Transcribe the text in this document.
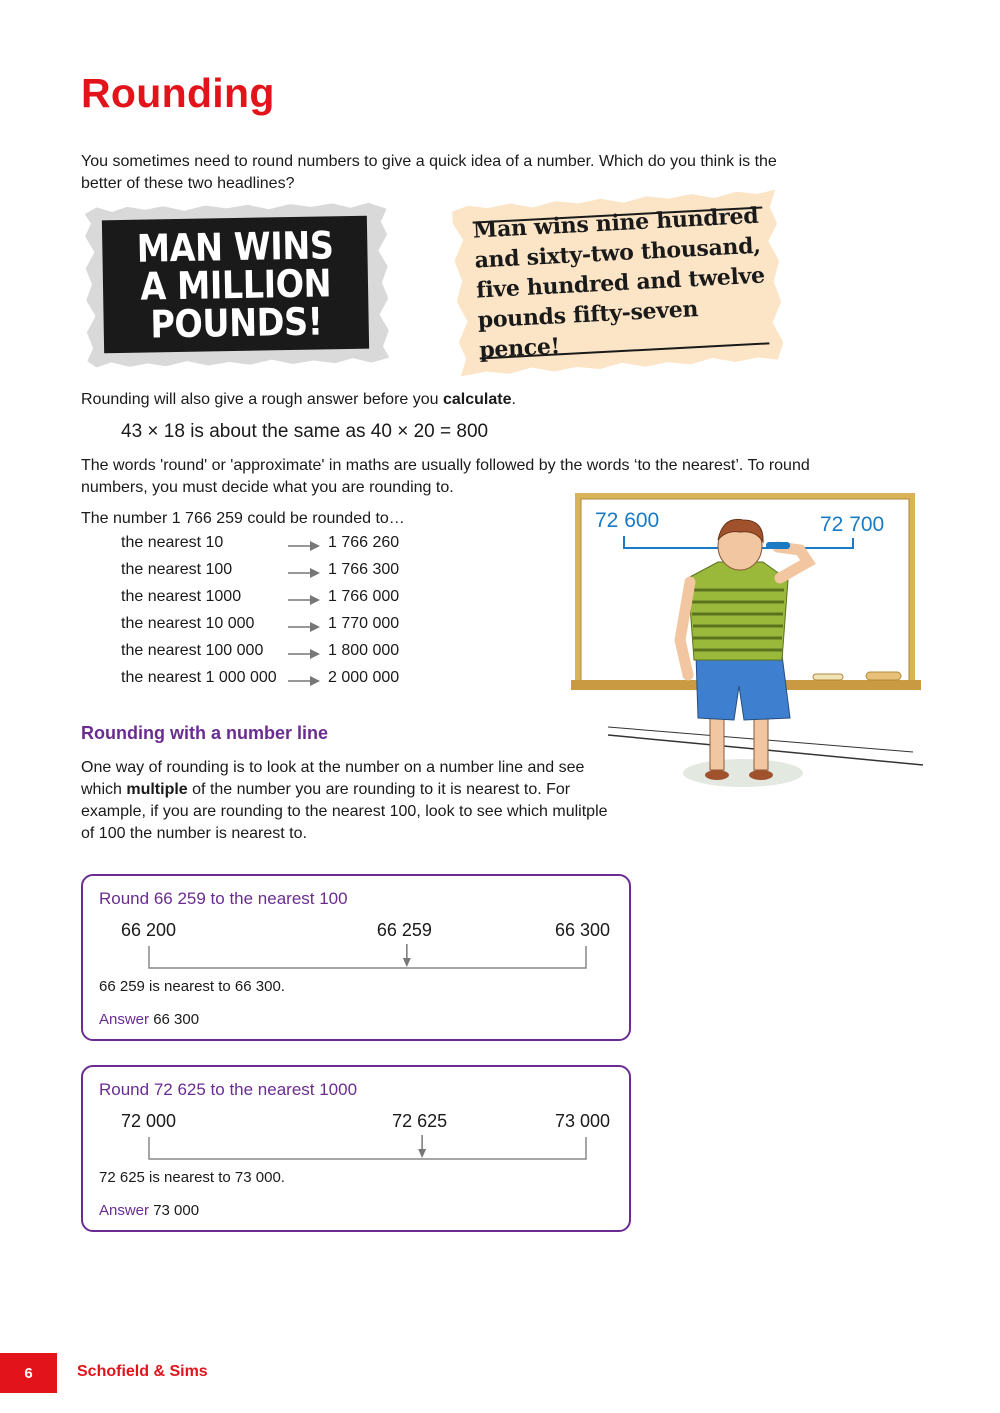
Rounding

You sometimes need to round numbers to give a quick idea of a number. Which do you think is the better of these two headlines?

MAN WINS
A MILLION
POUNDS!
Man wins nine hundred
and sixty-two thousand,
five hundred and twelve
pounds fifty-seven pence!

Rounding will also give a rough answer before you calculate.

43 × 18 is about the same as 40 × 20 = 800

The words 'round' or 'approximate' in maths are usually followed by the words ‘to the nearest’. To round numbers, you must decide what you are rounding to.

The number 1 766 259 could be rounded to…

the nearest 10	1 766 260
the nearest 100	1 766 300
the nearest 1000	1 766 000
the nearest 10 000	1 770 000
the nearest 100 000	1 800 000
the nearest 1 000 000	2 000 000
72 600	72 700
Rounding with a number line

One way of rounding is to look at the number on a number line and see which multiple of the number you are rounding to it is nearest to. For example, if you are rounding to the nearest 100, look to see which mulitple of 100 the number is nearest to.

Round 66 259 to the nearest 100
66 200	66 259	66 300
66 259 is nearest to 66 300.
Answer 66 300
Round 72 625 to the nearest 1000
72 000	72 625	73 000
72 625 is nearest to 73 000.
Answer 73 000
6	Schofield & Sims
